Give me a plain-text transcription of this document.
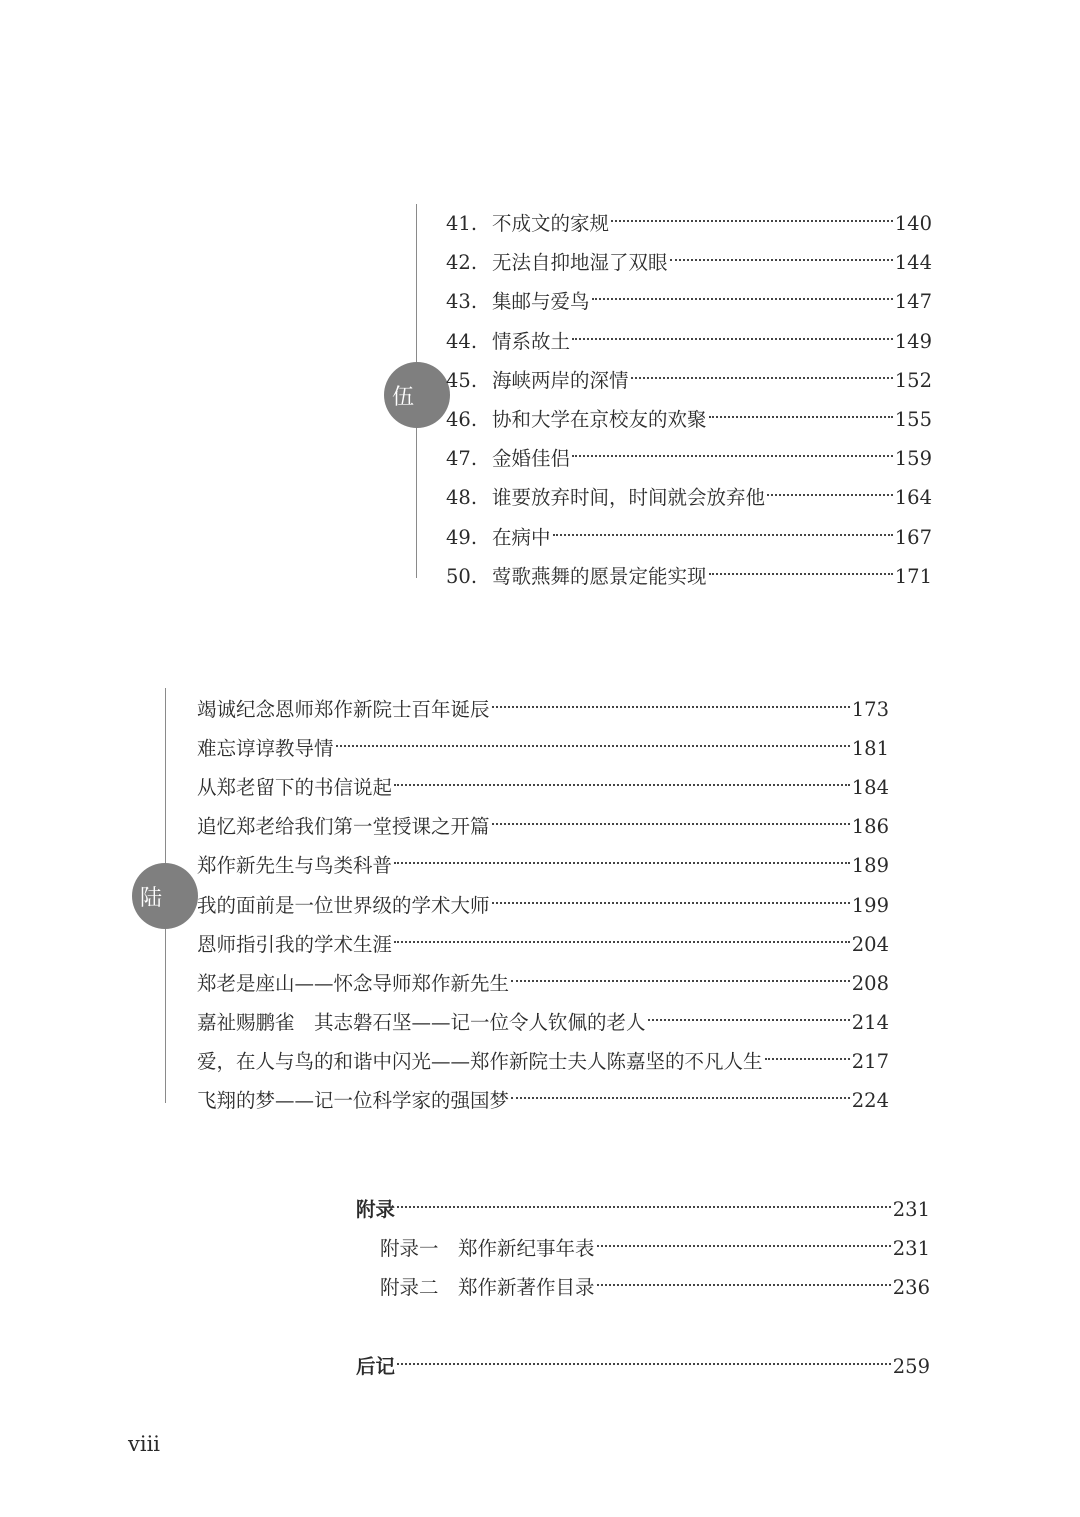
伍
41. 不成文的家规	140
42. 无法自抑地湿了双眼	144
43. 集邮与爱鸟	147
44. 情系故土	149
45. 海峡两岸的深情	152
46. 协和大学在京校友的欢聚	155
47. 金婚佳侣	159
48. 谁要放弃时间，时间就会放弃他	164
49. 在病中	167
50. 莺歌燕舞的愿景定能实现	171
陆
竭诚纪念恩师郑作新院士百年诞辰	173
难忘谆谆教导情	181
从郑老留下的书信说起	184
追忆郑老给我们第一堂授课之开篇	186
郑作新先生与鸟类科普	189
我的面前是一位世界级的学术大师	199
恩师指引我的学术生涯	204
郑老是座山——怀念导师郑作新先生	208
嘉祉赐鹏雀　其志磐石坚——记一位令人钦佩的老人	214
爱，在人与鸟的和谐中闪光——郑作新院士夫人陈嘉坚的不凡人生	217
飞翔的梦——记一位科学家的强国梦	224
附录	231
附录一　郑作新纪事年表	231
附录二　郑作新著作目录	236
后记	259
viii
